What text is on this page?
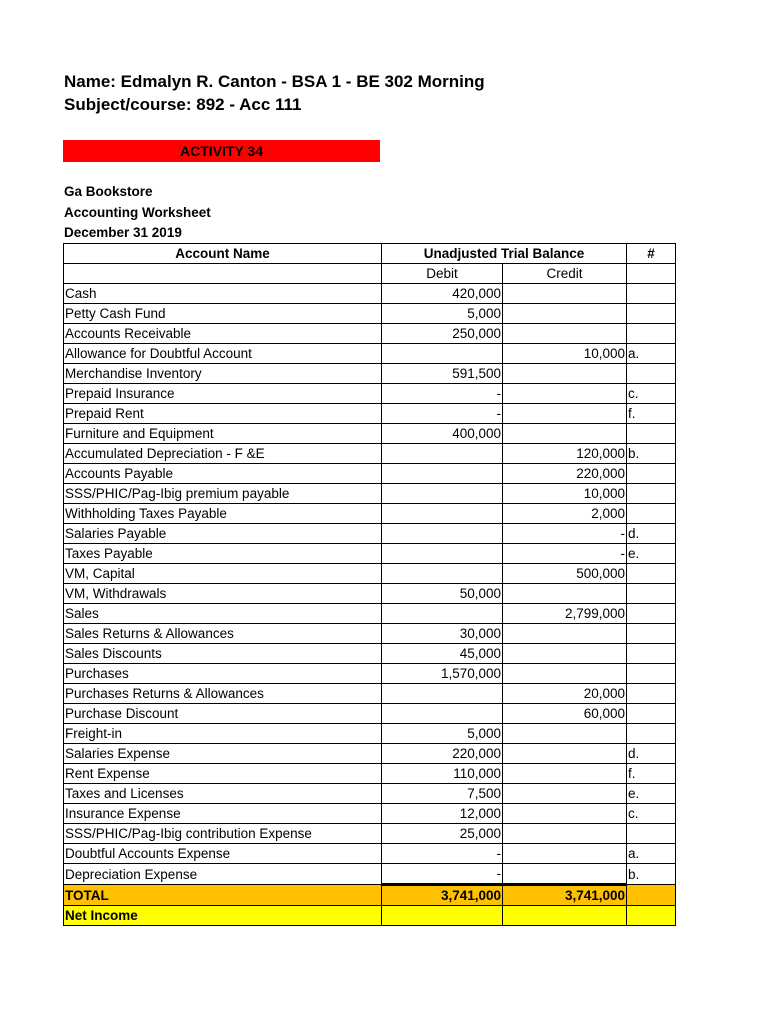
Name: Edmalyn R. Canton - BSA 1 - BE 302 Morning
Subject/course: 892 - Acc 111
ACTIVITY 34
Ga Bookstore
Accounting Worksheet
December 31 2019
Account Name	Unadjusted Trial Balance		#
	Debit	Credit	
Cash	420,000		
Petty Cash Fund	5,000		
Accounts Receivable	250,000		
Allowance for Doubtful Account		10,000	a.
Merchandise Inventory	591,500		
Prepaid Insurance	-		c.
Prepaid Rent	-		f.
Furniture and Equipment	400,000		
Accumulated Depreciation - F &E		120,000	b.
Accounts Payable		220,000	
SSS/PHIC/Pag-Ibig premium payable		10,000	
Withholding Taxes Payable		2,000	
Salaries Payable		-	d.
Taxes Payable		-	e.
VM, Capital		500,000	
VM, Withdrawals	50,000		
Sales		2,799,000	
Sales Returns & Allowances	30,000		
Sales Discounts	45,000		
Purchases	1,570,000		
Purchases Returns & Allowances		20,000	
Purchase Discount		60,000	
Freight-in	5,000		
Salaries Expense	220,000		d.
Rent Expense	110,000		f.
Taxes and Licenses	7,500		e.
Insurance Expense	12,000		c.
SSS/PHIC/Pag-Ibig contribution Expense	25,000		
Doubtful Accounts Expense	-		a.
Depreciation Expense	-		b.
TOTAL	3,741,000	3,741,000	
Net Income			
